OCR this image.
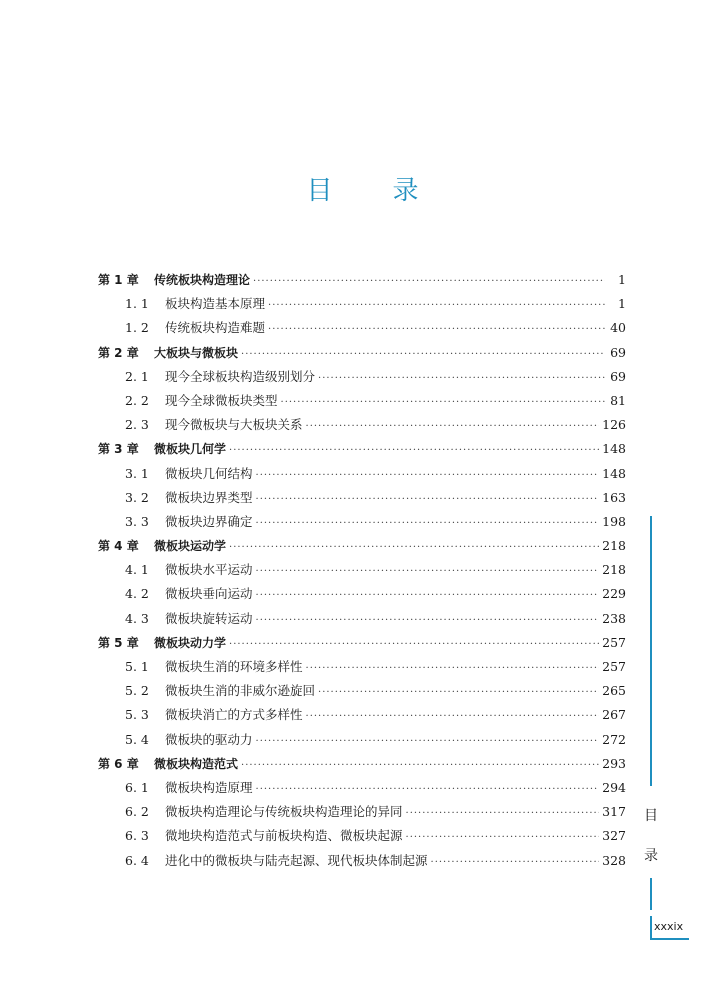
目 录
第 1 章	传统板块构造理论 ·····	1
1. 1	板块构造基本原理 ·····	1
1. 2	传统板块构造难题 ·····	40
第 2 章	大板块与微板块 ·····	69
2. 1	现今全球板块构造级别划分 ·····	69
2. 2	现今全球微板块类型 ·····	81
2. 3	现今微板块与大板块关系 ·····	126
第 3 章	微板块几何学 ·····	148
3. 1	微板块几何结构 ·····	148
3. 2	微板块边界类型 ·····	163
3. 3	微板块边界确定 ·····	198
第 4 章	微板块运动学 ·····	218
4. 1	微板块水平运动 ·····	218
4. 2	微板块垂向运动 ·····	229
4. 3	微板块旋转运动 ·····	238
第 5 章	微板块动力学 ·····	257
5. 1	微板块生消的环境多样性 ·····	257
5. 2	微板块生消的非威尔逊旋回 ·····	265
5. 3	微板块消亡的方式多样性 ·····	267
5. 4	微板块的驱动力 ·····	272
第 6 章	微板块构造范式 ·····	293
6. 1	微板块构造原理 ·····	294
6. 2	微板块构造理论与传统板块构造理论的异同 ·····	317
6. 3	微地块构造范式与前板块构造、微板块起源 ·····	327
6. 4	进化中的微板块与陆壳起源、现代板块体制起源 ·····	328
目
录
xxxix
